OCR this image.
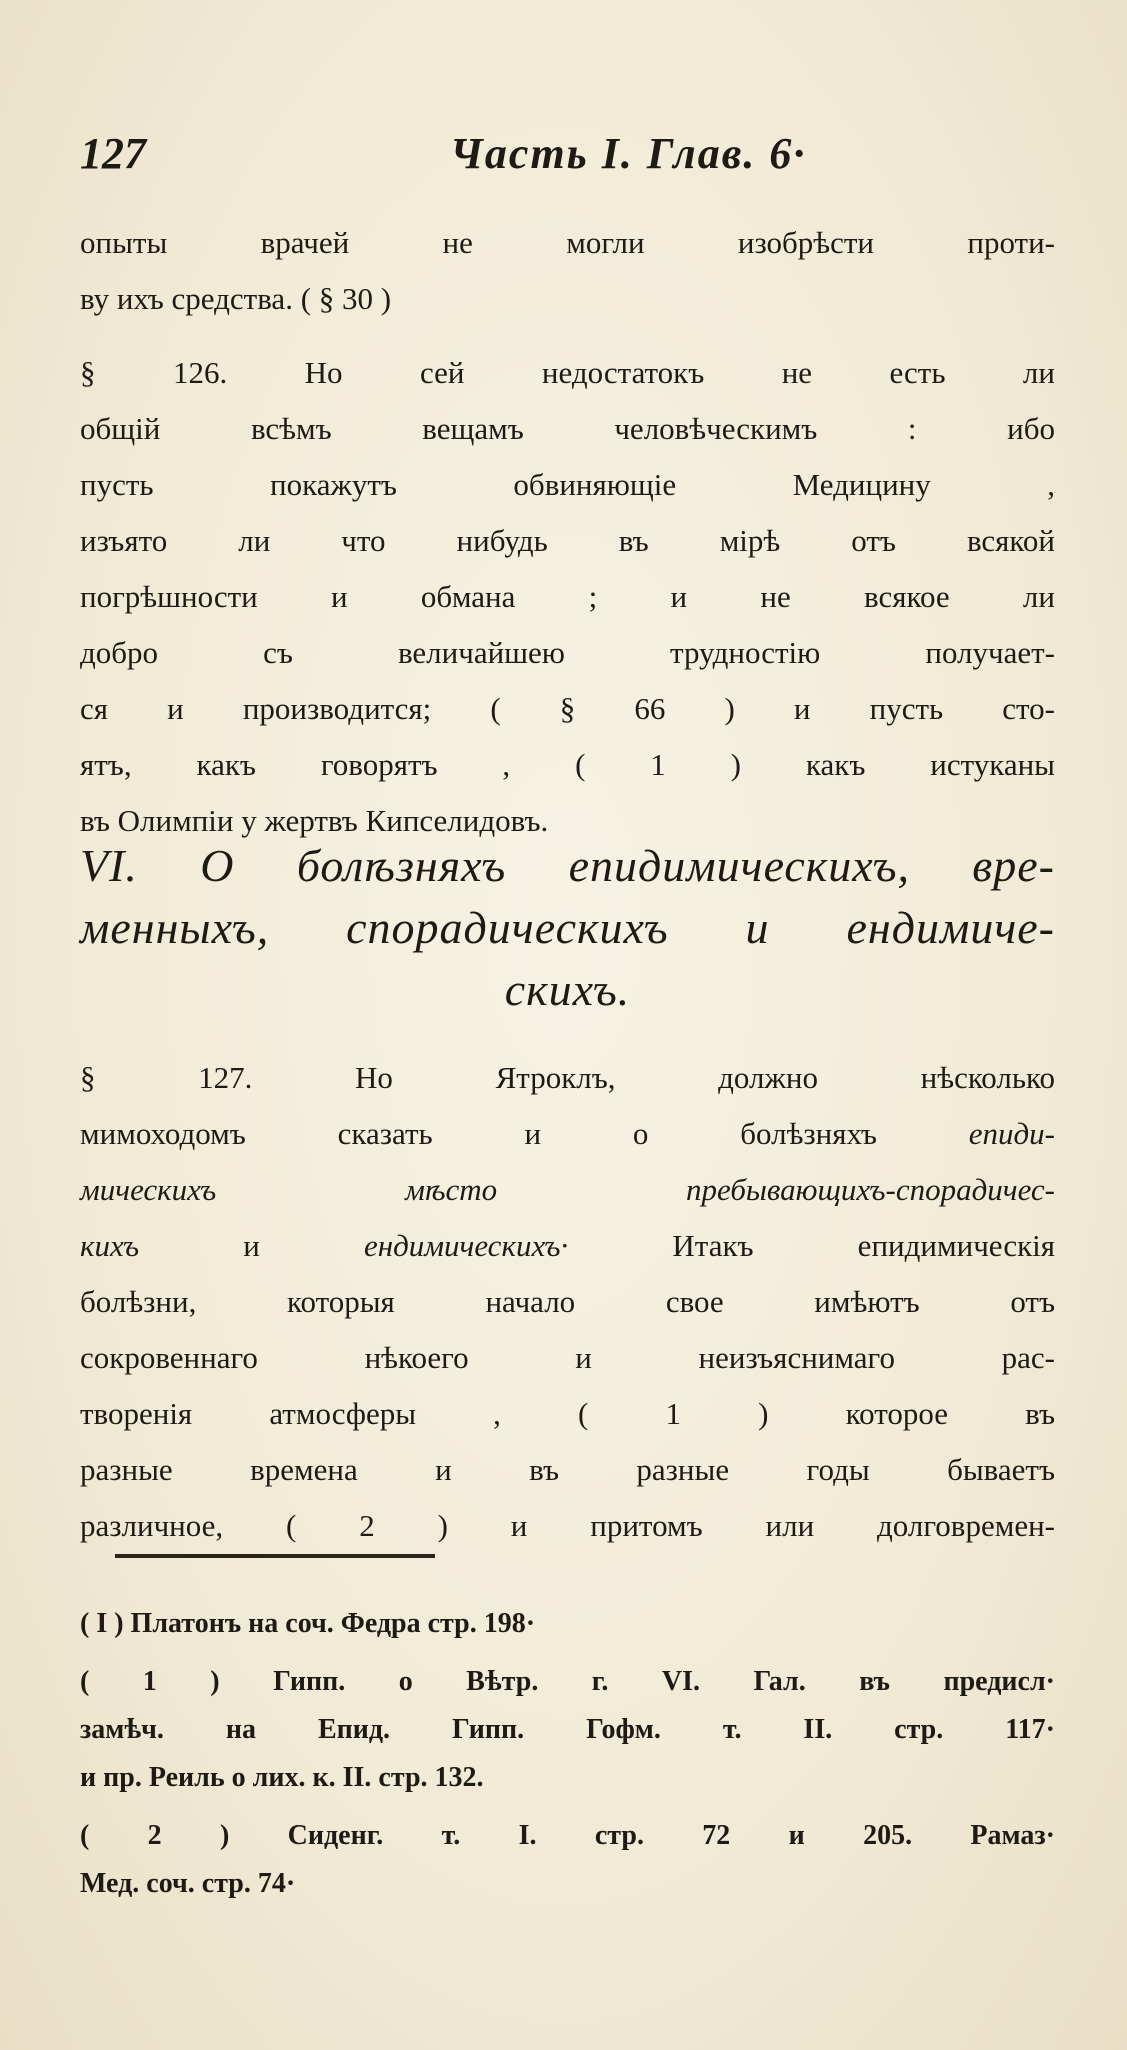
127	Часть I. Глав. 6·
опыты врачей не могли изобрѣсти проти-
ву ихъ средства. ( § 30 )
§ 126. Но сей недостатокъ не есть ли
общій всѣмъ вещамъ человѣческимъ : ибо
пусть покажутъ обвиняющіе Медицину ,
изъято ли что нибудь въ мірѣ отъ всякой
погрѣшности и обмана ; и не всякое ли
добро съ величайшею трудностію получает-
ся и производится; ( § 66 ) и пусть сто-
ятъ, какъ говорятъ , ( 1 ) какъ истуканы
въ Олимпіи у жертвъ Кипселидовъ.
VI. О болѣзняхъ епидимическихъ, вре-
менныхъ, спорадическихъ и ендимиче-
скихъ.
§ 127. Но Ятроклъ, должно нѣсколько
мимоходомъ сказать и о болѣзняхъ	епиди-
мическихъ мѣсто пребывающихъ-спорадичес-
кихъ	и	ендимическихъ·	Итакъ епидимическія
болѣзни, которыя начало свое имѣютъ отъ
сокровеннаго нѣкоего и неизъяснимаго рас-
творенія атмосферы , ( 1 ) которое въ
разные времена и въ разные годы бываетъ
различное, ( 2 ) и притомъ или долговремен-
( I ) Платонъ на соч. Федра стр. 198·
( 1 ) Гипп. о Вѣтр. г. VI. Гал. въ предисл·
замѣч. на Епид. Гипп. Гофм. т. II. стр. 117·
и пр. Реиль о лих. к. II. стр. 132.
( 2 ) Сиденг. т. I. стр. 72 и 205. Рамаз·
Мед. соч. стр. 74·
